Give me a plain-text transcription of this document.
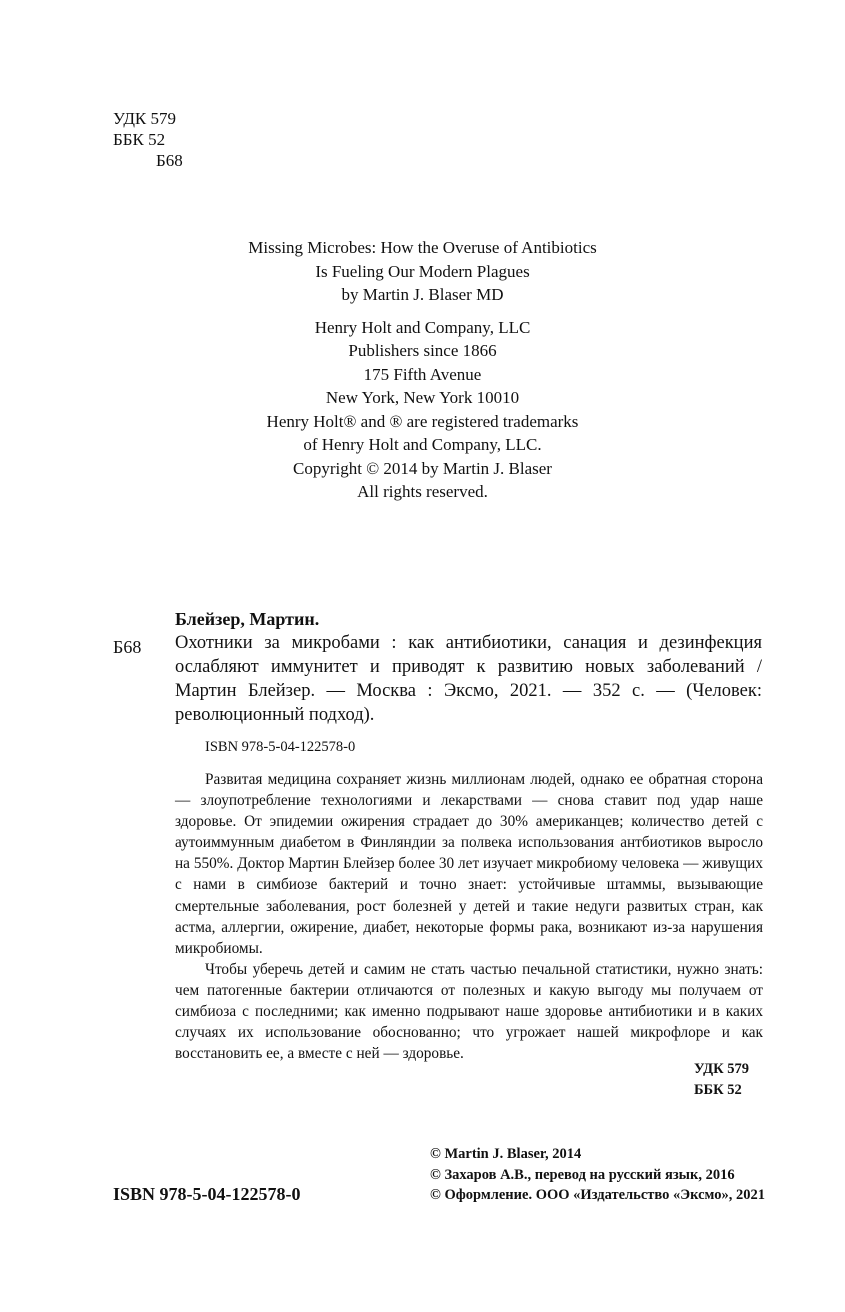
УДК 579
ББК 52
Б68
Missing Microbes: How the Overuse of Antibiotics
Is Fueling Our Modern Plagues
by Martin J. Blaser MD
Henry Holt and Company, LLC
Publishers since 1866
175 Fifth Avenue
New York, New York 10010
Henry Holt® and ® are registered trademarks
of Henry Holt and Company, LLC.
Copyright © 2014 by Martin J. Blaser
All rights reserved.
Блейзер, Мартин.
Б68 Охотники за микробами : как антибиотики, санация и дезинфекция ослабляют иммунитет и приводят к развитию новых заболеваний / Мартин Блейзер. — Москва : Эксмо, 2021. — 352 с. — (Человек: революционный подход).
ISBN 978-5-04-122578-0

Развитая медицина сохраняет жизнь миллионам людей, однако ее обратная сторона — злоупотребление технологиями и лекарствами — снова ставит под удар наше здоровье. От эпидемии ожирения страдает до 30% американцев; количество детей с аутоиммунным диабетом в Финляндии за полвека использования антбиотиков выросло на 550%. Доктор Мартин Блейзер более 30 лет изучает микробиому человека — живущих с нами в симбиозе бактерий и точно знает: устойчивые штаммы, вызывающие смертельные заболевания, рост болезней у детей и такие недуги развитых стран, как астма, аллергии, ожирение, диабет, некоторые формы рака, возникают из-за нарушения микробиомы.

Чтобы уберечь детей и самим не стать частью печальной статистики, нужно знать: чем патогенные бактерии отличаются от полезных и какую выгоду мы получаем от симбиоза с последними; как именно подрывают наше здоровье антибиотики и в каких случаях их использование обоснованно; что угрожает нашей микрофлоре и как восстановить ее, а вместе с ней — здоровье.

УДК 579
ББК 52
© Martin J. Blaser, 2014
© Захаров А.В., перевод на русский язык, 2016
© Оформление. ООО «Издательство «Эксмо», 2021
ISBN 978-5-04-122578-0
